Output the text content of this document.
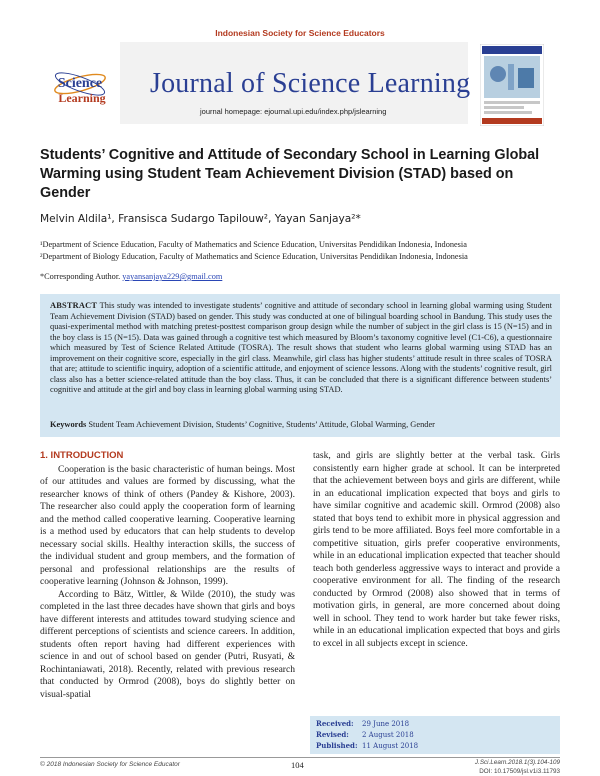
Indonesian Society for Science Educators
Science
Learning Journal of Science Learning
journal homepage: ejournal.upi.edu/index.php/jslearning
Students’ Cognitive and Attitude of Secondary School in Learning Global Warming using Student Team Achievement Division (STAD) based on Gender
Melvin Aldila¹, Fransisca Sudargo Tapilouw², Yayan Sanjaya²*
¹Department of Science Education, Faculty of Mathematics and Science Education, Universitas Pendidikan Indonesia, Indonesia
²Department of Biology Education, Faculty of Mathematics and Science Education, Universitas Pendidikan Indonesia, Indonesia
*Corresponding Author. yayansanjaya229@gmail.com
ABSTRACT This study was intended to investigate students’ cognitive and attitude of secondary school in learning global warming using Student Team Achievement Division (STAD) based on gender. This study was conducted at one of bilingual boarding school in Bandung. This study uses the quasi-experimental method with matching pretest-posttest comparison group design while the number of subject in the girl class is 15 (N=15) and in the boy class is 15 (N=15). Data was gained through a cognitive test which measured by Bloom’s taxonomy cognitive level (C1-C6), a questionnaire which measured by Test of Science Related Attitude (TOSRA). The result shows that student who learns global warming using STAD has an improvement on their cognitive score, especially in the girl class. Meanwhile, girl class has higher students’ attitude result in three scales of TOSRA that are; attitude to scientific inquiry, adoption of a scientific attitude, and enjoyment of science lessons. Along with the students’ cognitive result, girl class also has a better science-related attitude than the boy class. Thus, it can be concluded that there is a significant difference between students’ cognitive and attitude at the girl and boy class in learning global warming using STAD.
Keywords Student Team Achievement Division, Students’ Cognitive, Students’ Attitude, Global Warming, Gender
1. INTRODUCTION

Cooperation is the basic characteristic of human beings. Most of our attitudes and values are formed by discussing, what the researcher knows of think of others (Pandey & Kishore, 2003). The researcher also could apply the cooperation form of learning and the method called cooperative learning. Cooperative learning is a method used by educators that can help students to develop necessary social skills. Healthy interaction skills, the success of the individual student and group members, and the formation of personal and professional relationships are the results of cooperative learning (Johnson & Johnson, 1999).

According to Bätz, Wittler, & Wilde (2010), the study was completed in the last three decades have shown that girls and boys have different interests and attitudes toward studying science and different perceptions of scientists and science careers. In addition, students often report having had different experiences with science in and out of school based on gender (Putri, Rusyati, & Rochintaniawati, 2018). Recently, related with previous research that conducted by Ormrod (2008), boys do slightly better on visual-spatial

task, and girls are slightly better at the verbal task. Girls consistently earn higher grade at school. It can be interpreted that the achievement between boys and girls are different, while in an educational implication expected that boys and girls to have similar cognitive and academic skill. Ormrod (2008) also stated that boys tend to exhibit more in physical aggression and girls tend to be more affiliated. Boys feel more comfortable in a competitive situation, girls prefer cooperative environments, while in an educational implication expected that teacher should teach both genderless aggressive ways to interact and provide a cooperative environment for all. The finding of the research conducted by Ormrod (2008) also showed that in terms of motivation girls, in general, are more concerned about doing well in school. They tend to work harder but take fewer risks, while in an educational implication expected that boys and girls to excel in all subjects except in science.

Received: 29 June 2018
Revised: 2 August 2018
Published: 11 August 2018
© 2018 Indonesian Society for Science Educator	104	J.Sci.Learn.2018.1(3).104-109
DOI: 10.17509/jsl.v1i3.11793
